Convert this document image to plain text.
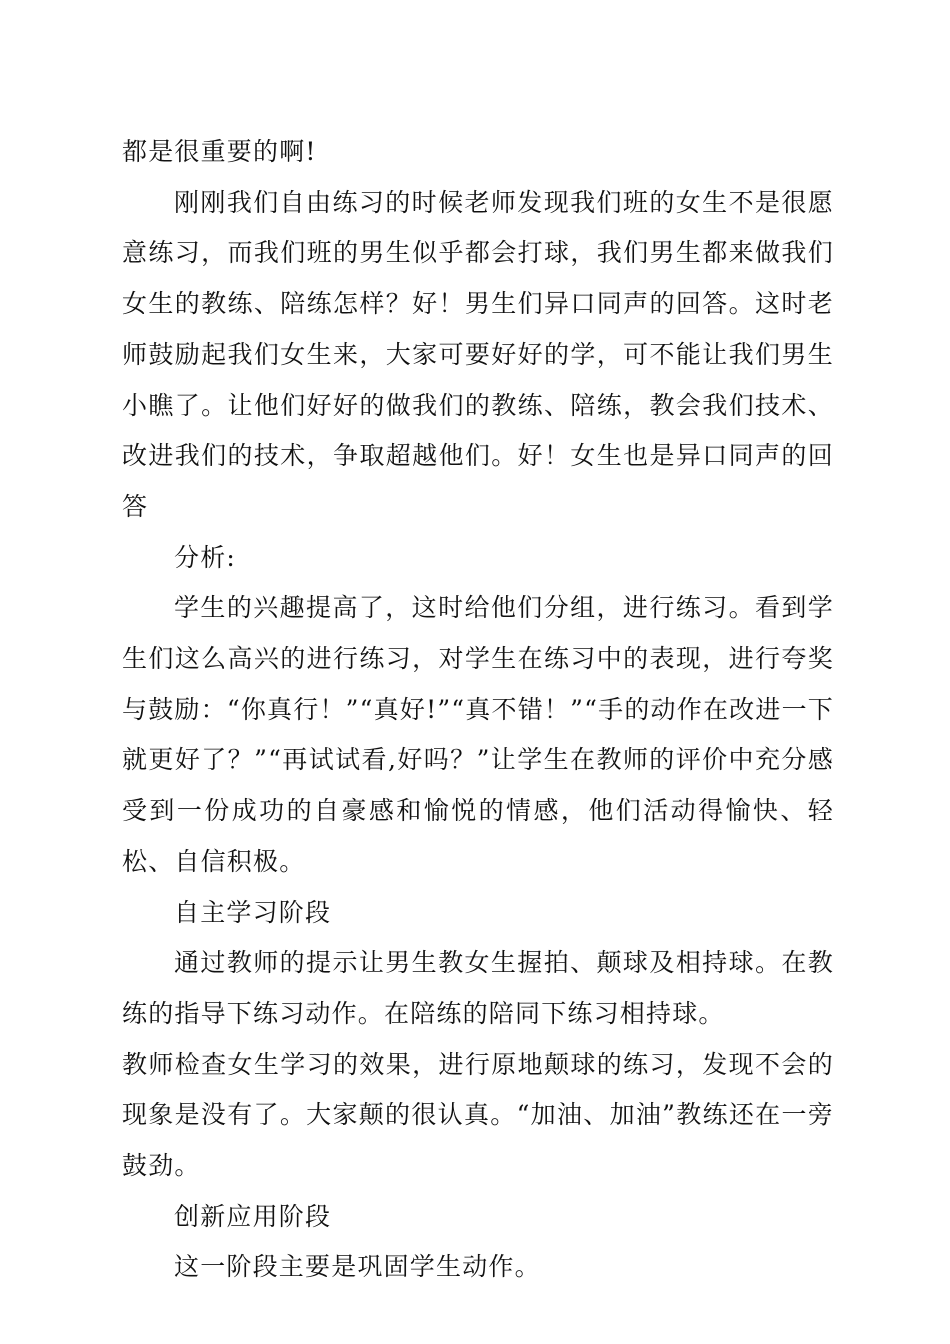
都是很重要的啊!

刚刚我们自由练习的时候老师发现我们班的女生不是很愿意练习，而我们班的男生似乎都会打球，我们男生都来做我们女生的教练、陪练怎样？好！男生们异口同声的回答。这时老师鼓励起我们女生来，大家可要好好的学，可不能让我们男生小瞧了。让他们好好的做我们的教练、陪练，教会我们技术、改进我们的技术，争取超越他们。好！女生也是异口同声的回答

分析:

学生的兴趣提高了，这时给他们分组，进行练习。看到学生们这么高兴的进行练习，对学生在练习中的表现，进行夸奖与鼓励：“你真行！”“真好!”“真不错！”“手的动作在改进一下就更好了？”“再试试看,好吗？”让学生在教师的评价中充分感受到一份成功的自豪感和愉悦的情感，他们活动得愉快、轻松、自信积极。

自主学习阶段

通过教师的提示让男生教女生握拍、颠球及相持球。在教练的指导下练习动作。在陪练的陪同下练习相持球。

教师检查女生学习的效果，进行原地颠球的练习，发现不会的现象是没有了。大家颠的很认真。“加油、加油”教练还在一旁鼓劲。

创新应用阶段

这一阶段主要是巩固学生动作。
